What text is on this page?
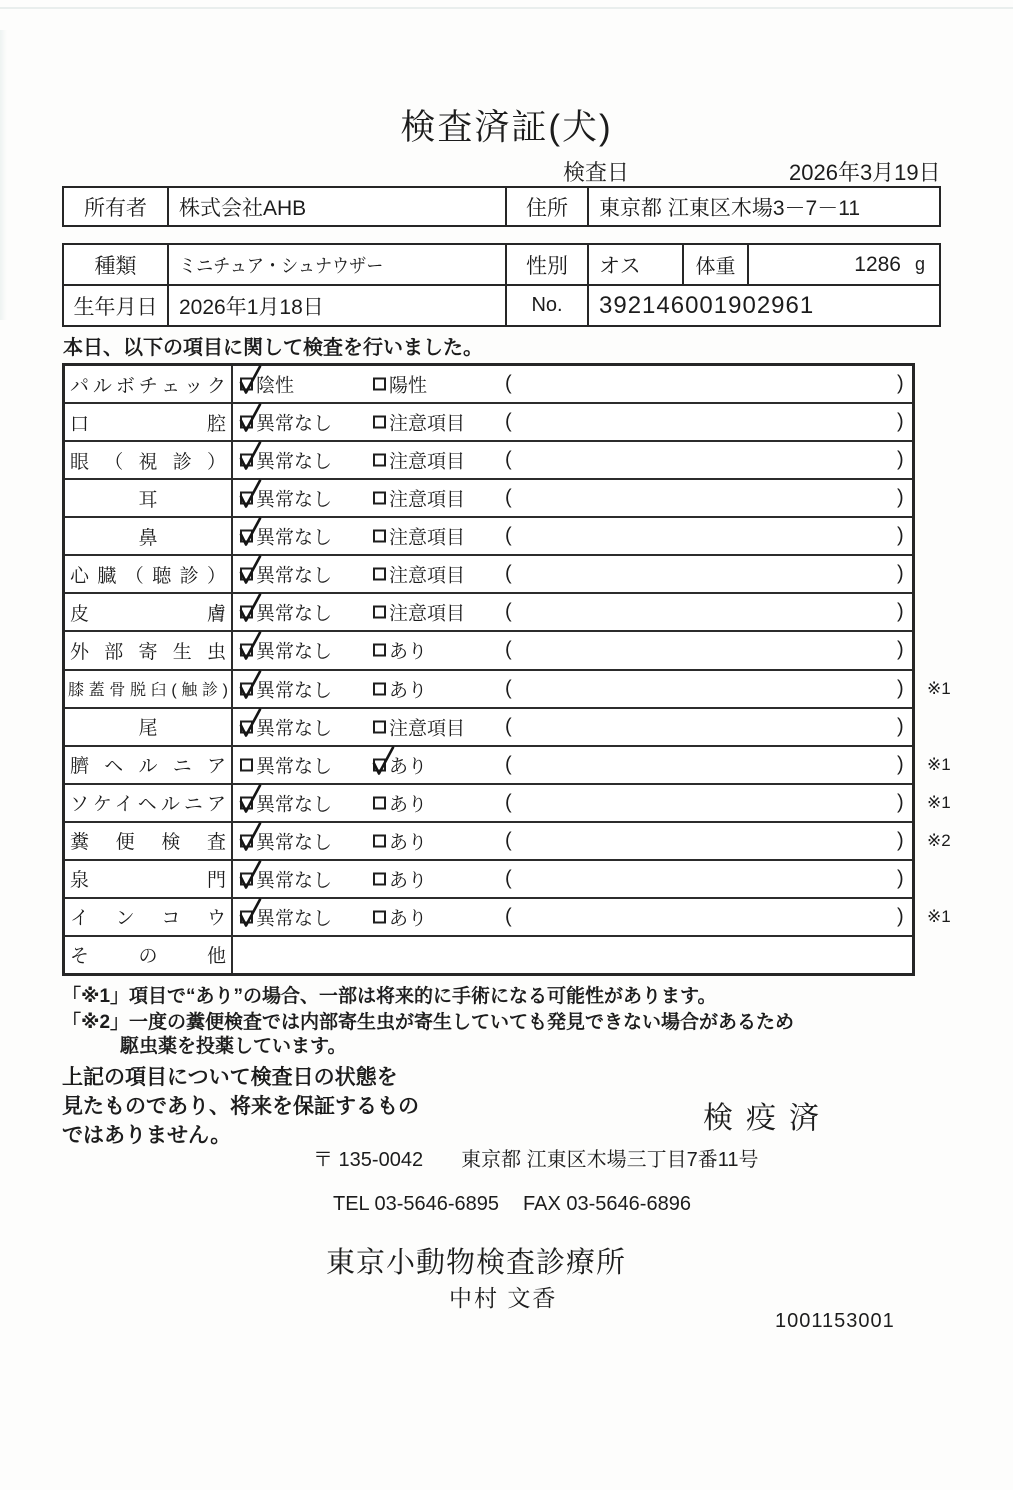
検査済証(犬)
検査日	2026年3月19日
所有者	株式会社AHB	住所	東京都 江東区木場3－7－11
種類	ミニチュア・シュナウザー	性別	オス	体重	1286 g
生年月日	2026年1月18日	No.	392146001902961
本日、以下の項目に関して検査を行いました。
パルボチェック 陰性	陽性	(	)
口腔 異常なし	注意項目 (	)
眼（視診） 異常なし	注意項目 (	)
耳	異常なし	注意項目 (	)
鼻	異常なし	注意項目 (	)
心臓（聴診） 異常なし	注意項目 (	)
皮膚 異常なし	注意項目 (	)
外部寄生虫 異常なし	あり	(	)
膝蓋骨脱臼(触診) 異常なし	あり	(	) ※1
尾	異常なし	注意項目 (	)
臍ヘルニア 異常なし	あり	(	) ※1
ソケイヘルニア 異常なし	あり	(	) ※1
糞便検査 異常なし	あり	(	) ※2
泉門 異常なし	あり	(	)
インコウ 異常なし	あり	(	) ※1
その他
「※1」項目で“あり”の場合、一部は将来的に手術になる可能性があります。
「※2」一度の糞便検査では内部寄生虫が寄生していても発見できない場合があるため
駆虫薬を投薬しています。
上記の項目について検査日の状態を
見たものであり、将来を保証するもの
ではありません。
検疫済
〒 135-0042 東京都 江東区木場三丁目7番11号
TEL 03-5646-6895 FAX 03-5646-6896
東京小動物検査診療所
中村 文香
1001153001
